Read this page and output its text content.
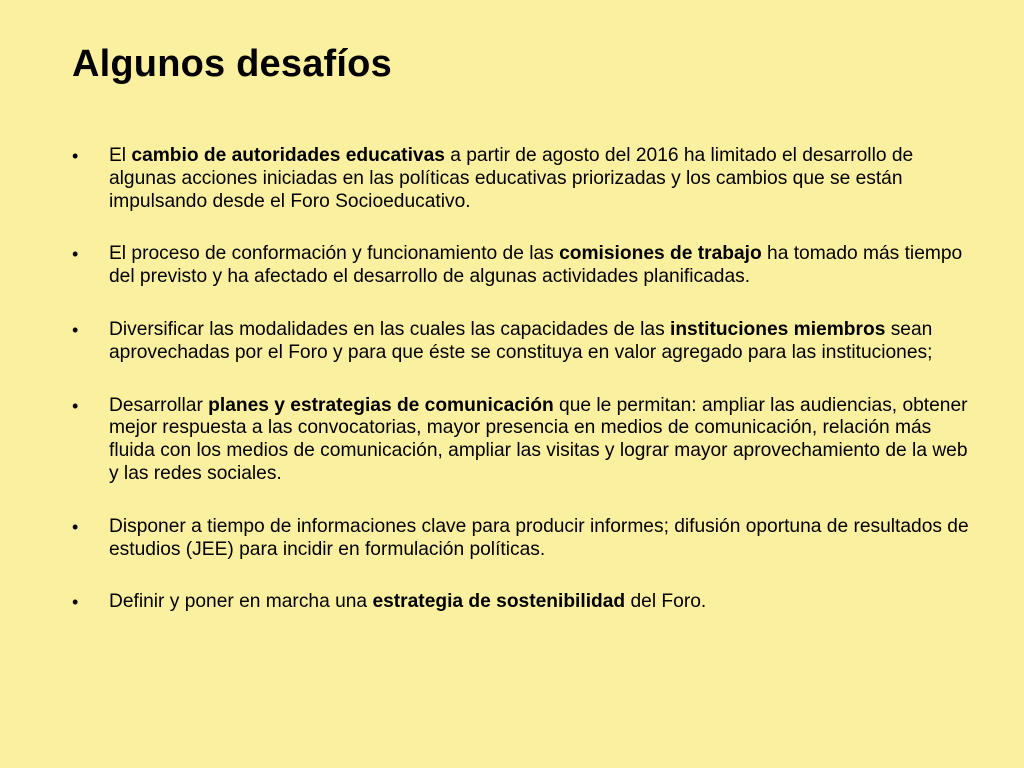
Algunos desafíos
• El cambio de autoridades educativas a partir de agosto del 2016 ha limitado el desarrollo de algunas acciones iniciadas en las políticas educativas priorizadas y los cambios que se están impulsando desde el Foro Socioeducativo.
• El proceso de conformación y funcionamiento de las comisiones de trabajo ha tomado más tiempo del previsto y ha afectado el desarrollo de algunas actividades planificadas.
• Diversificar las modalidades en las cuales las capacidades de las instituciones miembros sean aprovechadas por el Foro y para que éste se constituya en valor agregado para las instituciones;
• Desarrollar planes y estrategias de comunicación que le permitan: ampliar las audiencias, obtener mejor respuesta a las convocatorias, mayor presencia en medios de comunicación, relación más fluida con los medios de comunicación, ampliar las visitas y lograr mayor aprovechamiento de la web y las redes sociales.
• Disponer a tiempo de informaciones clave para producir informes; difusión oportuna de resultados de estudios (JEE) para incidir en formulación políticas.
• Definir y poner en marcha una estrategia de sostenibilidad del Foro.
